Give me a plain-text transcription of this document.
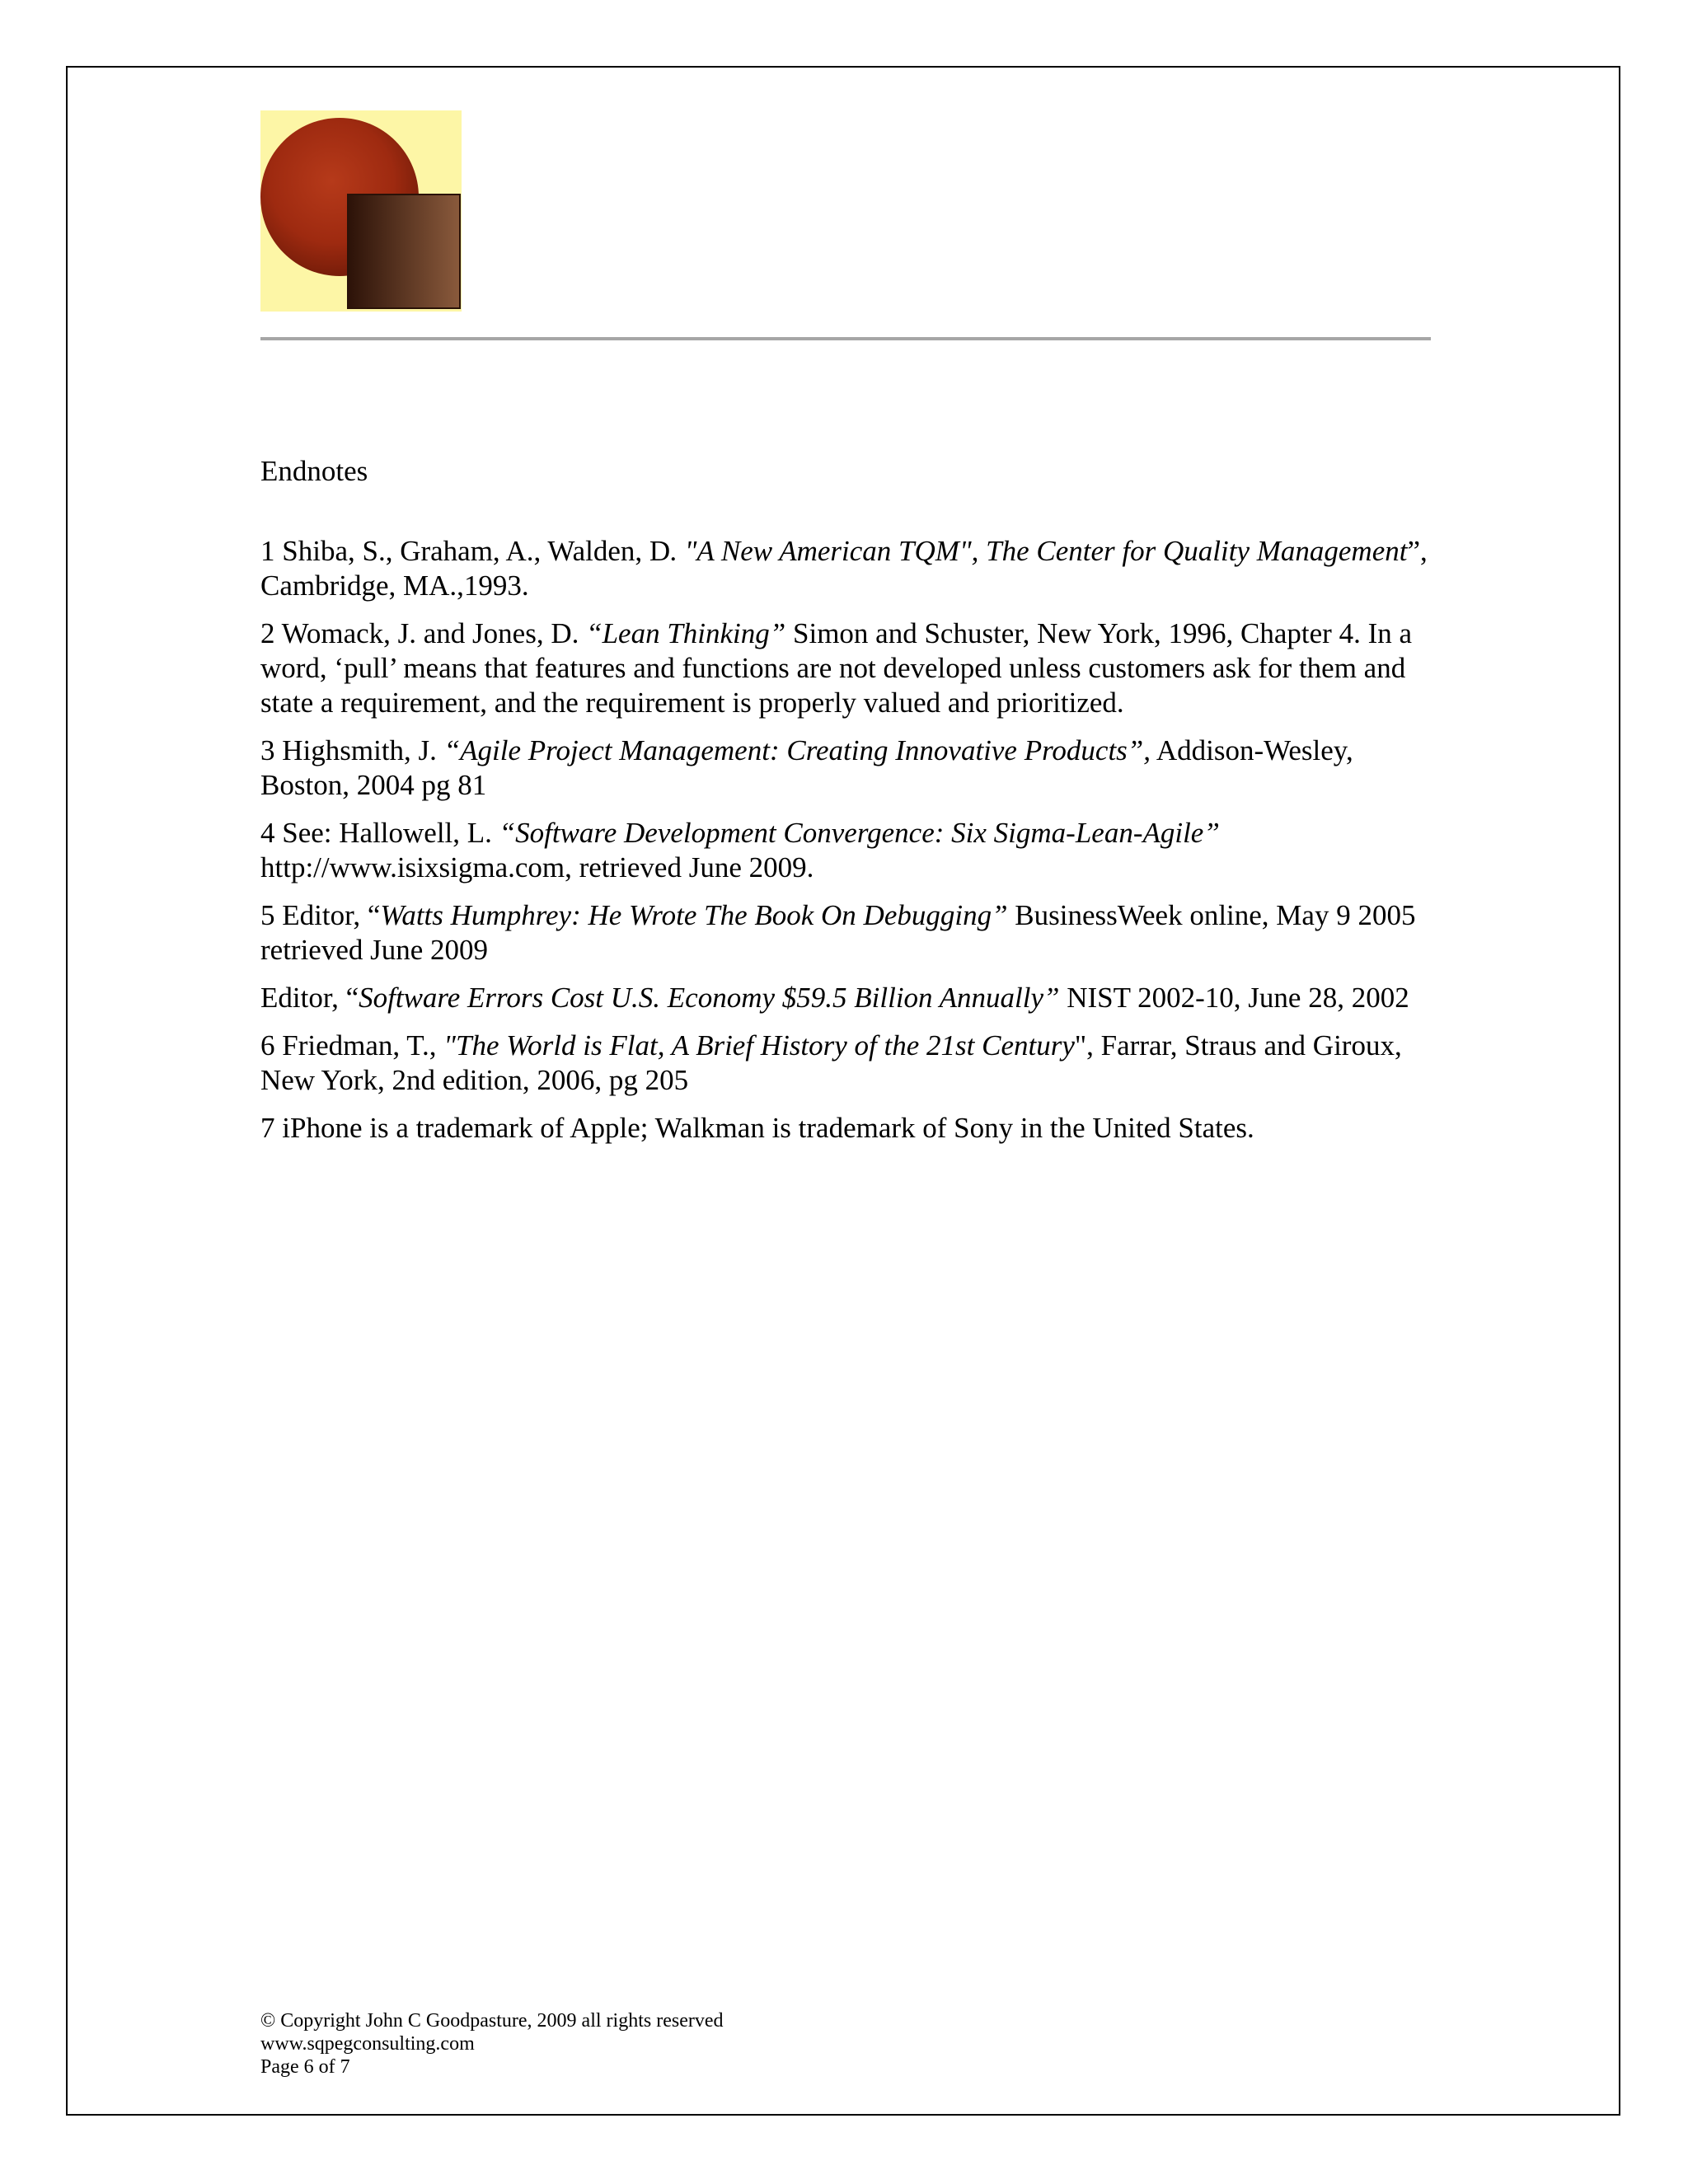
Endnotes

1 Shiba, S., Graham, A., Walden, D. "A New American TQM", The Center for Quality Management”, Cambridge, MA.,1993.

2 Womack, J. and Jones, D. “Lean Thinking” Simon and Schuster, New York, 1996, Chapter 4. In a word, ‘pull’ means that features and functions are not developed unless customers ask for them and state a requirement, and the requirement is properly valued and prioritized.

3 Highsmith, J. “Agile Project Management: Creating Innovative Products”, Addison-Wesley, Boston, 2004 pg 81

4 See: Hallowell, L. “Software Development Convergence: Six Sigma-Lean-Agile” http://www.isixsigma.com, retrieved June 2009.

5 Editor, “Watts Humphrey: He Wrote The Book On Debugging” BusinessWeek online, May 9 2005 retrieved June 2009

Editor, “Software Errors Cost U.S. Economy $59.5 Billion Annually” NIST 2002-10, June 28, 2002

6 Friedman, T., "The World is Flat, A Brief History of the 21st Century", Farrar, Straus and Giroux, New York, 2nd edition, 2006, pg 205

7 iPhone is a trademark of Apple; Walkman is trademark of Sony in the United States.

© Copyright John C Goodpasture, 2009 all rights reserved
www.sqpegconsulting.com
Page 6 of 7
